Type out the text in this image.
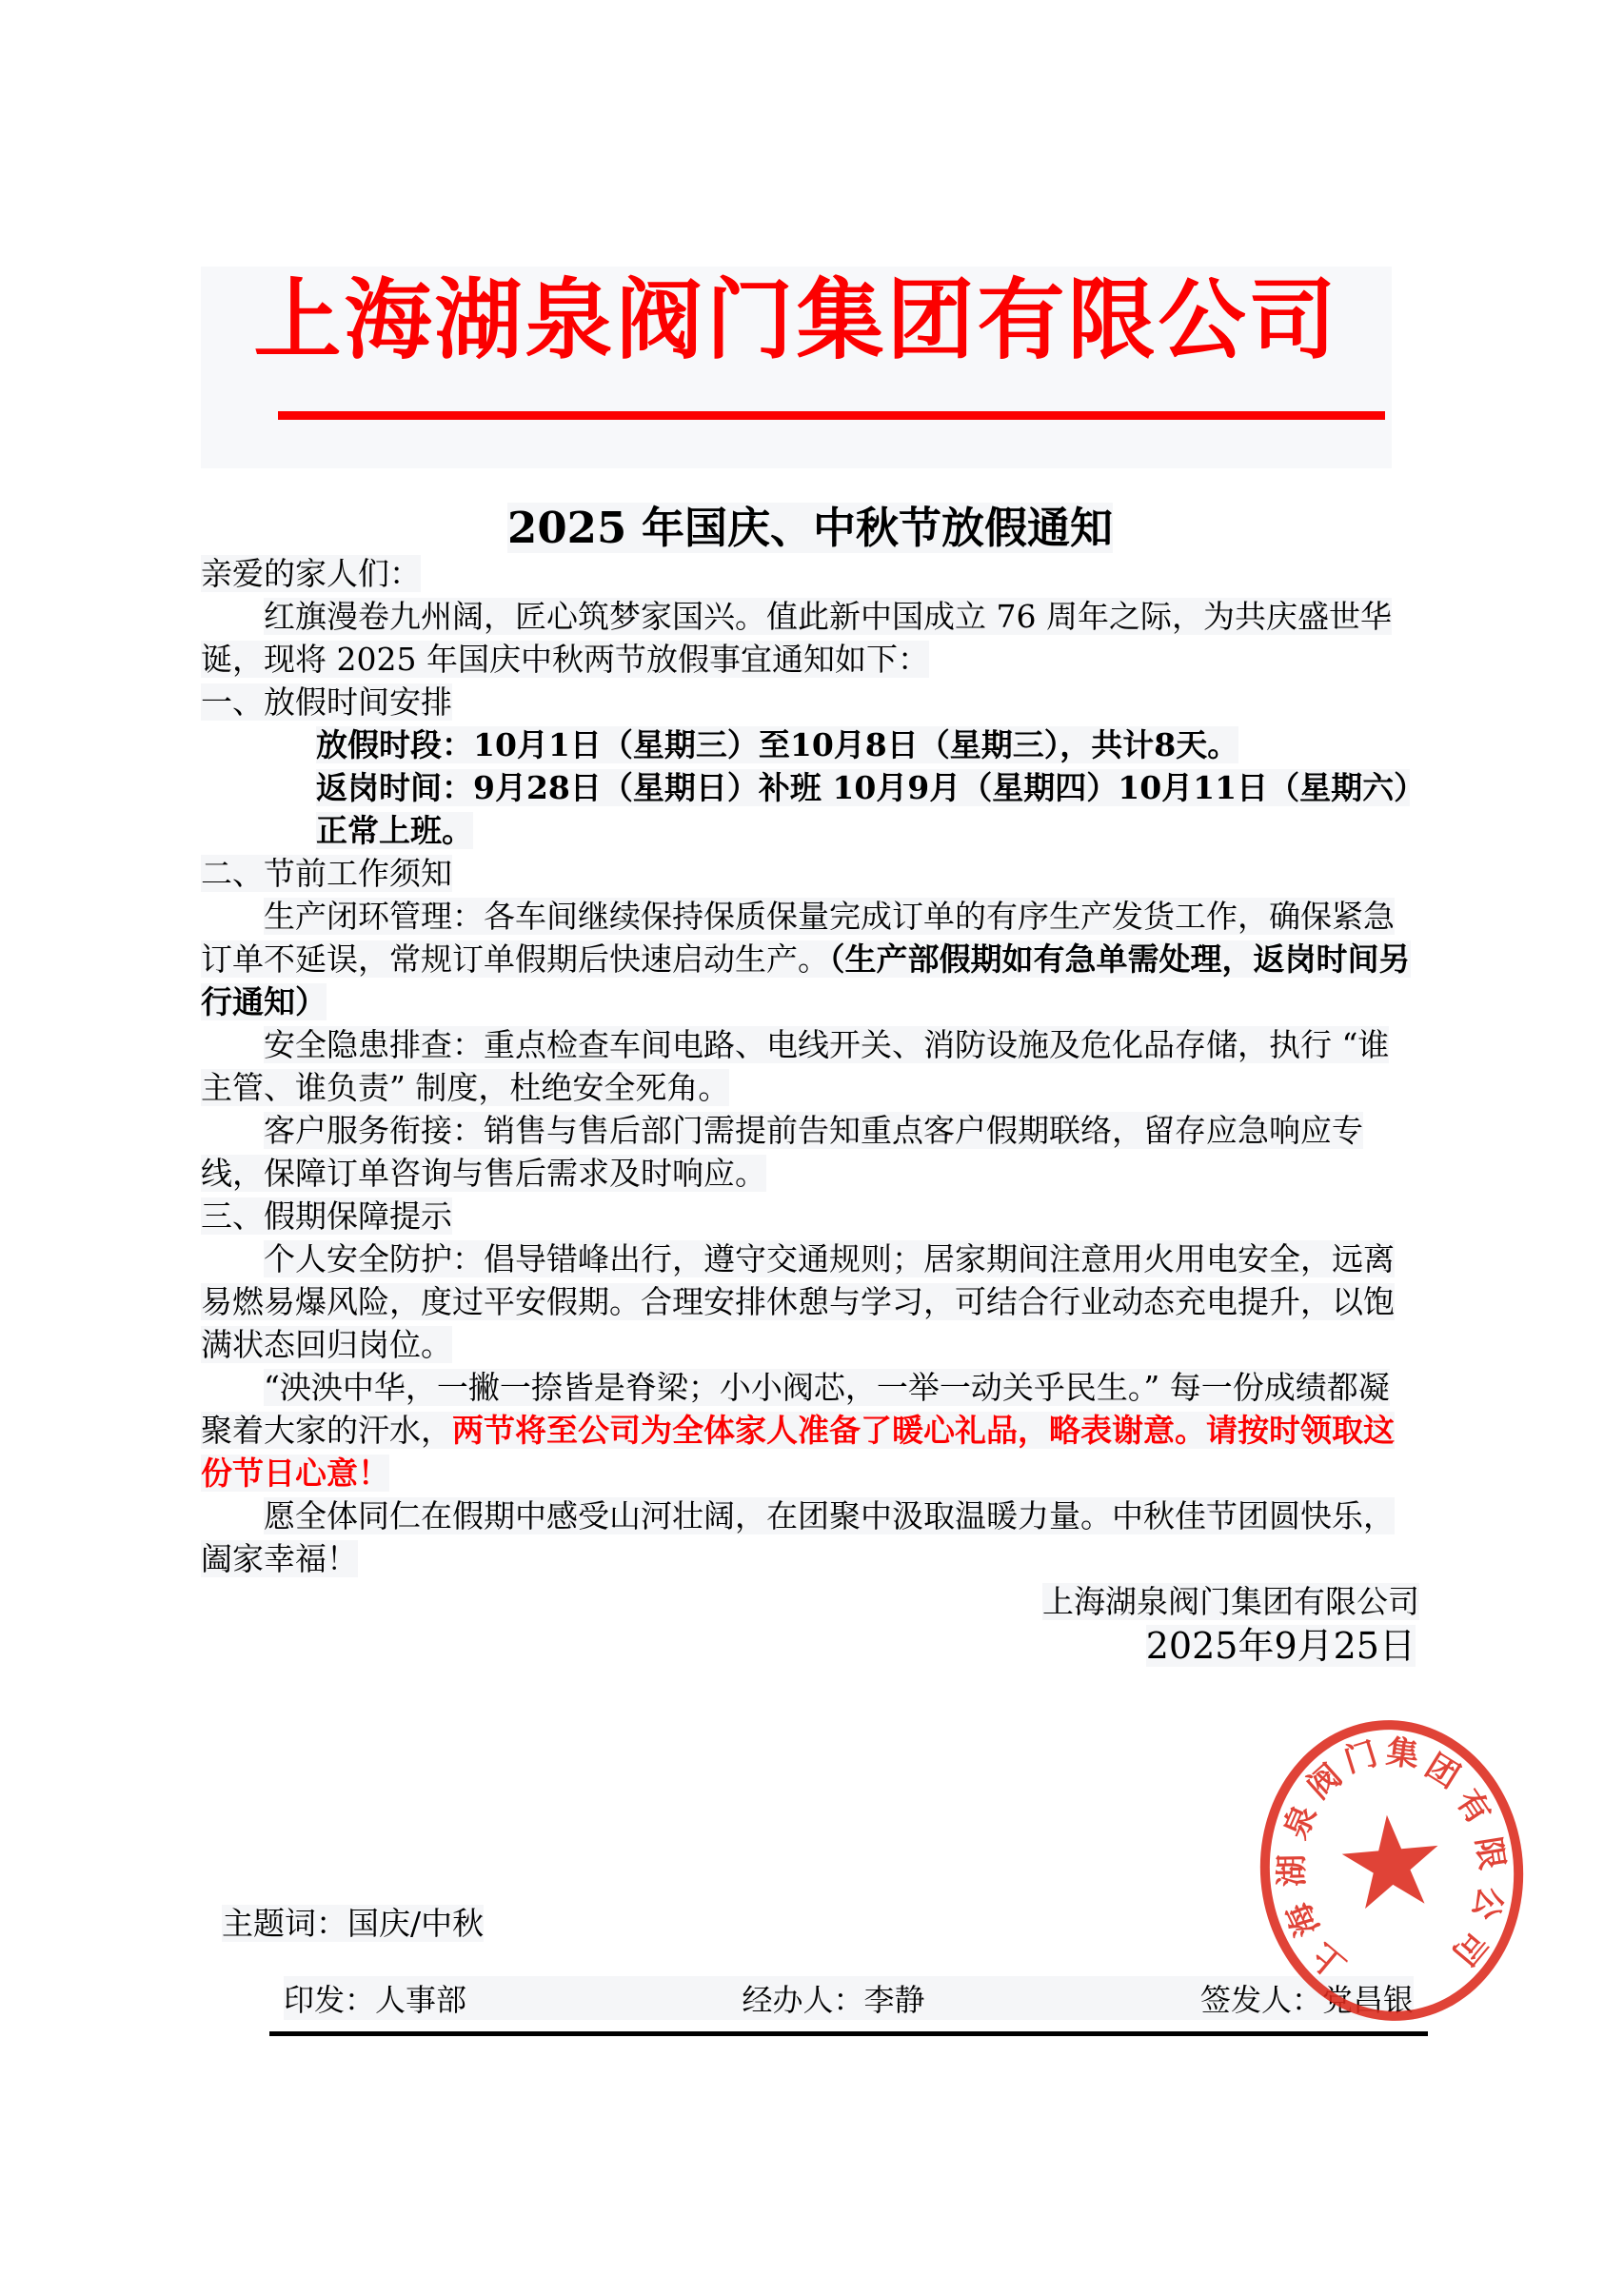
上海湖泉阀门集团有限公司
2025 年国庆、中秋节放假通知

亲爱的家人们：

红旗漫卷九州阔，匠心筑梦家国兴。值此新中国成立 76 周年之际，为共庆盛世华诞，现将 2025 年国庆中秋两节放假事宜通知如下：

一、放假时间安排

放假时段：10月1日（星期三）至10月8日（星期三），共计8天。

返岗时间：9月28日（星期日）补班 10月9月（星期四）10月11日（星期六）正常上班。

二、节前工作须知

生产闭环管理：各车间继续保持保质保量完成订单的有序生产发货工作，确保紧急订单不延误，常规订单假期后快速启动生产。（生产部假期如有急单需处理，返岗时间另行通知）

安全隐患排查：重点检查车间电路、电线开关、消防设施及危化品存储，执行 “谁主管、谁负责” 制度，杜绝安全死角。

客户服务衔接：销售与售后部门需提前告知重点客户假期联络，留存应急响应专线，保障订单咨询与售后需求及时响应。

三、假期保障提示

个人安全防护：倡导错峰出行，遵守交通规则；居家期间注意用火用电安全，远离易燃易爆风险，度过平安假期。合理安排休憩与学习，可结合行业动态充电提升，以饱满状态回归岗位。

“泱泱中华，一撇一捺皆是脊梁；小小阀芯，一举一动关乎民生。” 每一份成绩都凝聚着大家的汗水，两节将至公司为全体家人准备了暖心礼品，略表谢意。请按时领取这份节日心意！

愿全体同仁在假期中感受山河壮阔，在团聚中汲取温暖力量。中秋佳节团圆快乐，阖家幸福！

上海湖泉阀门集团有限公司

2025年9月25日

主题词：国庆/中秋
印发：人事部	经办人：李静	签发人：党昌银
★
上
海
湖
泉
阀
门 集
团
有
限
公
司
